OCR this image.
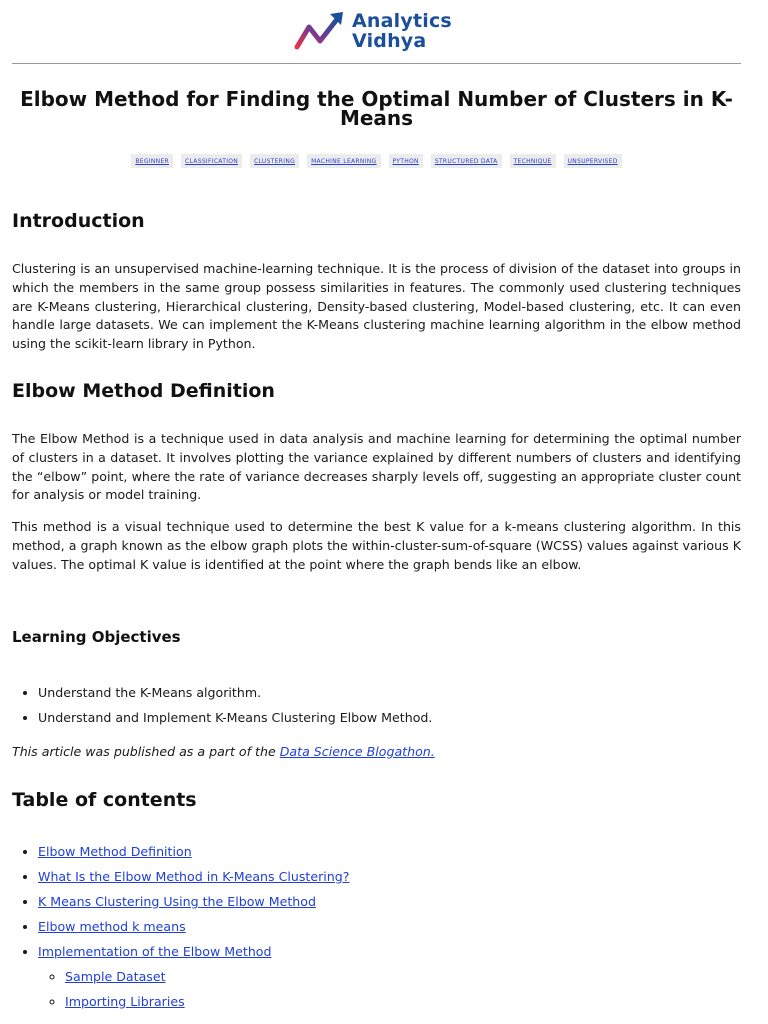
Analytics
Vidhya
Elbow Method for Finding the Optimal Number of Clusters in K-Means
BEGINNER	CLASSIFICATION	CLUSTERING	MACHINE LEARNING	PYTHON	STRUCTURED DATA	TECHNIQUE	UNSUPERVISED
Introduction

Clustering is an unsupervised machine-learning technique. It is the process of division of the dataset into groups in which the members in the same group possess similarities in features. The commonly used clustering techniques are K-Means clustering, Hierarchical clustering, Density-based clustering, Model-based clustering, etc. It can even handle large datasets. We can implement the K-Means clustering machine learning algorithm in the elbow method using the scikit-learn library in Python.

Elbow Method Definition

The Elbow Method is a technique used in data analysis and machine learning for determining the optimal number of clusters in a dataset. It involves plotting the variance explained by different numbers of clusters and identifying the “elbow” point, where the rate of variance decreases sharply levels off, suggesting an appropriate cluster count for analysis or model training.

This method is a visual technique used to determine the best K value for a k-means clustering algorithm. In this method, a graph known as the elbow graph plots the within-cluster-sum-of-square (WCSS) values against various K values. The optimal K value is identified at the point where the graph bends like an elbow.

Learning Objectives
• Understand the K-Means algorithm.
• Understand and Implement K-Means Clustering Elbow Method.

This article was published as a part of the Data Science Blogathon.

Table of contents
• Elbow Method Definition
• What Is the Elbow Method in K-Means Clustering?
• K Means Clustering Using the Elbow Method
• Elbow method k means
• Implementation of the Elbow Method
◦ Sample Dataset
◦ Importing Libraries
